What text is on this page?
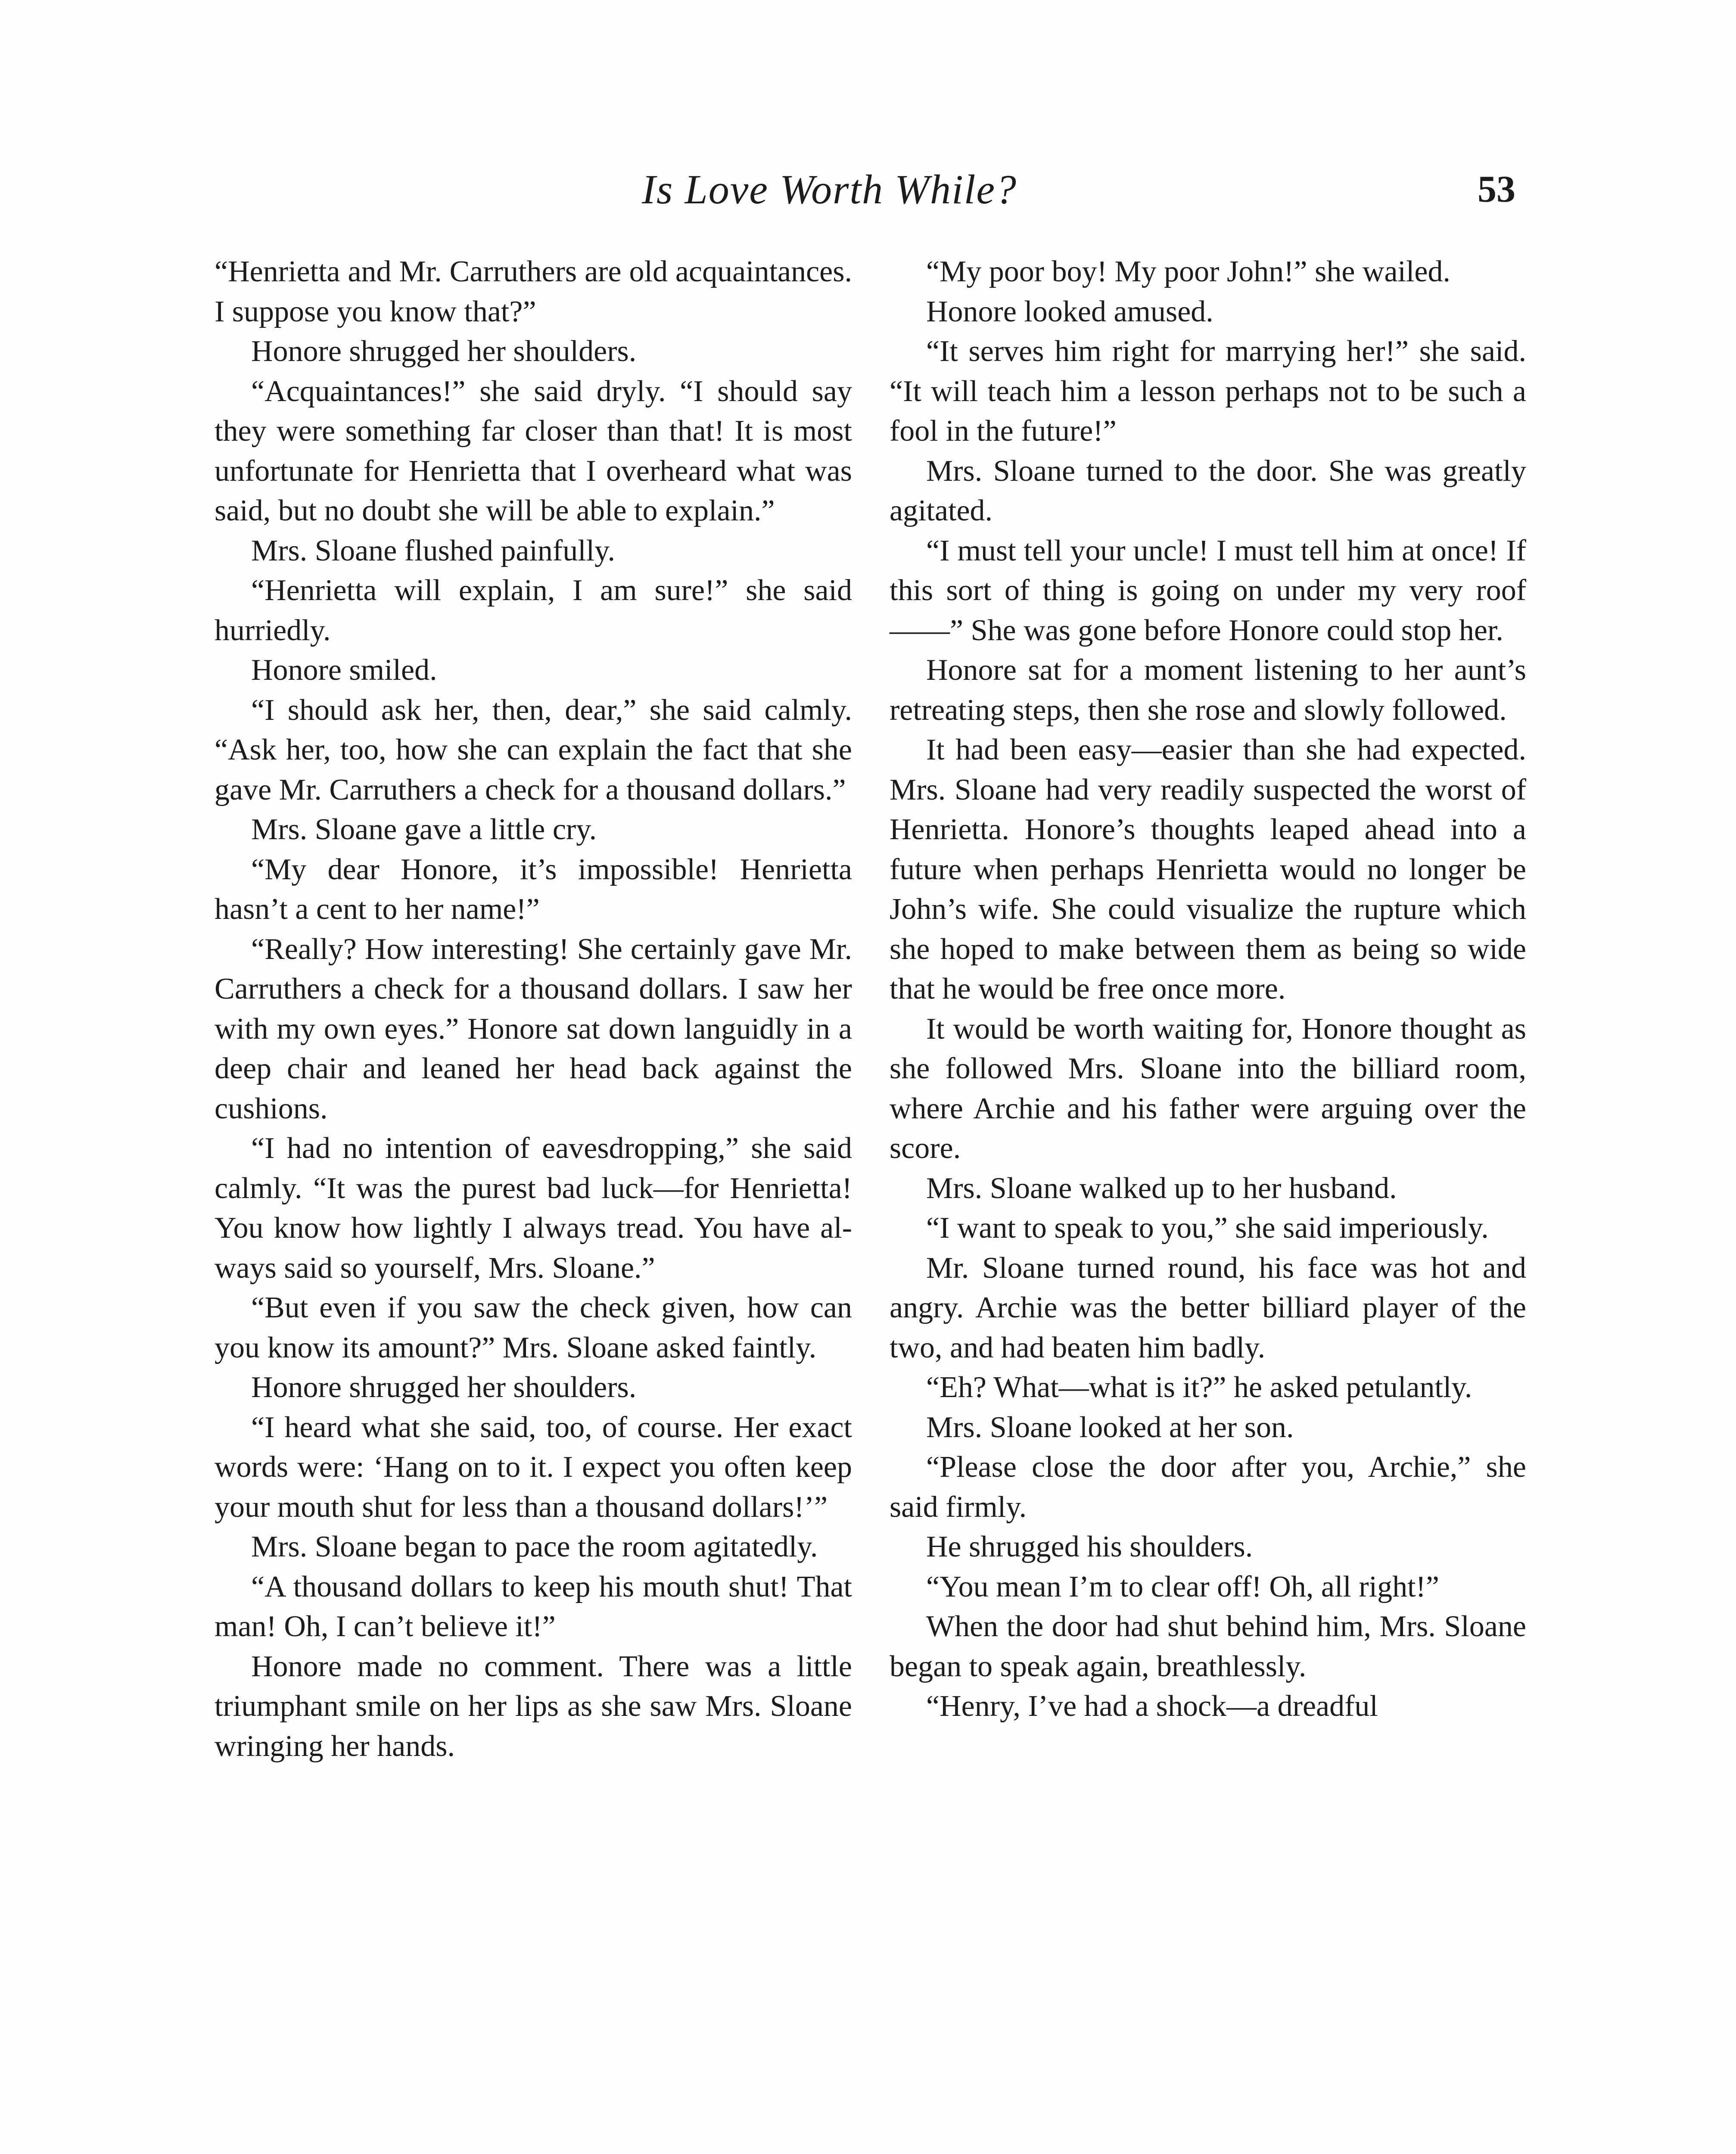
Is Love Worth While?	53

“Henrietta and Mr. Carruthers are old acquaintances. I suppose you know that?”

Honore shrugged her shoulders.

“Acquaintances!” she said dryly. “I should say they were something far closer than that! It is most unfortunate for Henrietta that I overheard what was said, but no doubt she will be able to explain.”

Mrs. Sloane flushed painfully.

“Henrietta will explain, I am sure!” she said hurriedly.

Honore smiled.

“I should ask her, then, dear,” she said calmly. “Ask her, too, how she can explain the fact that she gave Mr. Carruthers a check for a thousand dollars.”

Mrs. Sloane gave a little cry.

“My dear Honore, it’s impossible! Henrietta hasn’t a cent to her name!”

“Really? How interesting! She certainly gave Mr. Carruthers a check for a thousand dollars. I saw her with my own eyes.” Honore sat down languidly in a deep chair and leaned her head back against the cushions.

“I had no intention of eavesdropping,” she said calmly. “It was the purest bad luck—for Henrietta! You know how lightly I always tread. You have always said so yourself, Mrs. Sloane.”

“But even if you saw the check given, how can you know its amount?” Mrs. Sloane asked faintly.

Honore shrugged her shoulders.

“I heard what she said, too, of course. Her exact words were: ‘Hang on to it. I expect you often keep your mouth shut for less than a thousand dollars!’”

Mrs. Sloane began to pace the room agitatedly.

“A thousand dollars to keep his mouth shut! That man! Oh, I can’t believe it!”

Honore made no comment. There was a little triumphant smile on her lips as she saw Mrs. Sloane wringing her hands.

“My poor boy! My poor John!” she wailed.

Honore looked amused.

“It serves him right for marrying her!” she said. “It will teach him a lesson perhaps not to be such a fool in the future!”

Mrs. Sloane turned to the door. She was greatly agitated.

“I must tell your uncle! I must tell him at once! If this sort of thing is going on under my very roof——” She was gone before Honore could stop her.

Honore sat for a moment listening to her aunt’s retreating steps, then she rose and slowly followed.

It had been easy—easier than she had expected. Mrs. Sloane had very readily suspected the worst of Henrietta. Honore’s thoughts leaped ahead into a future when perhaps Henrietta would no longer be John’s wife. She could visualize the rupture which she hoped to make between them as being so wide that he would be free once more.

It would be worth waiting for, Honore thought as she followed Mrs. Sloane into the billiard room, where Archie and his father were arguing over the score.

Mrs. Sloane walked up to her husband.

“I want to speak to you,” she said imperiously.

Mr. Sloane turned round, his face was hot and angry. Archie was the better billiard player of the two, and had beaten him badly.

“Eh? What—what is it?” he asked petulantly.

Mrs. Sloane looked at her son.

“Please close the door after you, Archie,” she said firmly.

He shrugged his shoulders.

“You mean I’m to clear off! Oh, all right!”

When the door had shut behind him, Mrs. Sloane began to speak again, breathlessly.

“Henry, I’ve had a shock—a dreadful
